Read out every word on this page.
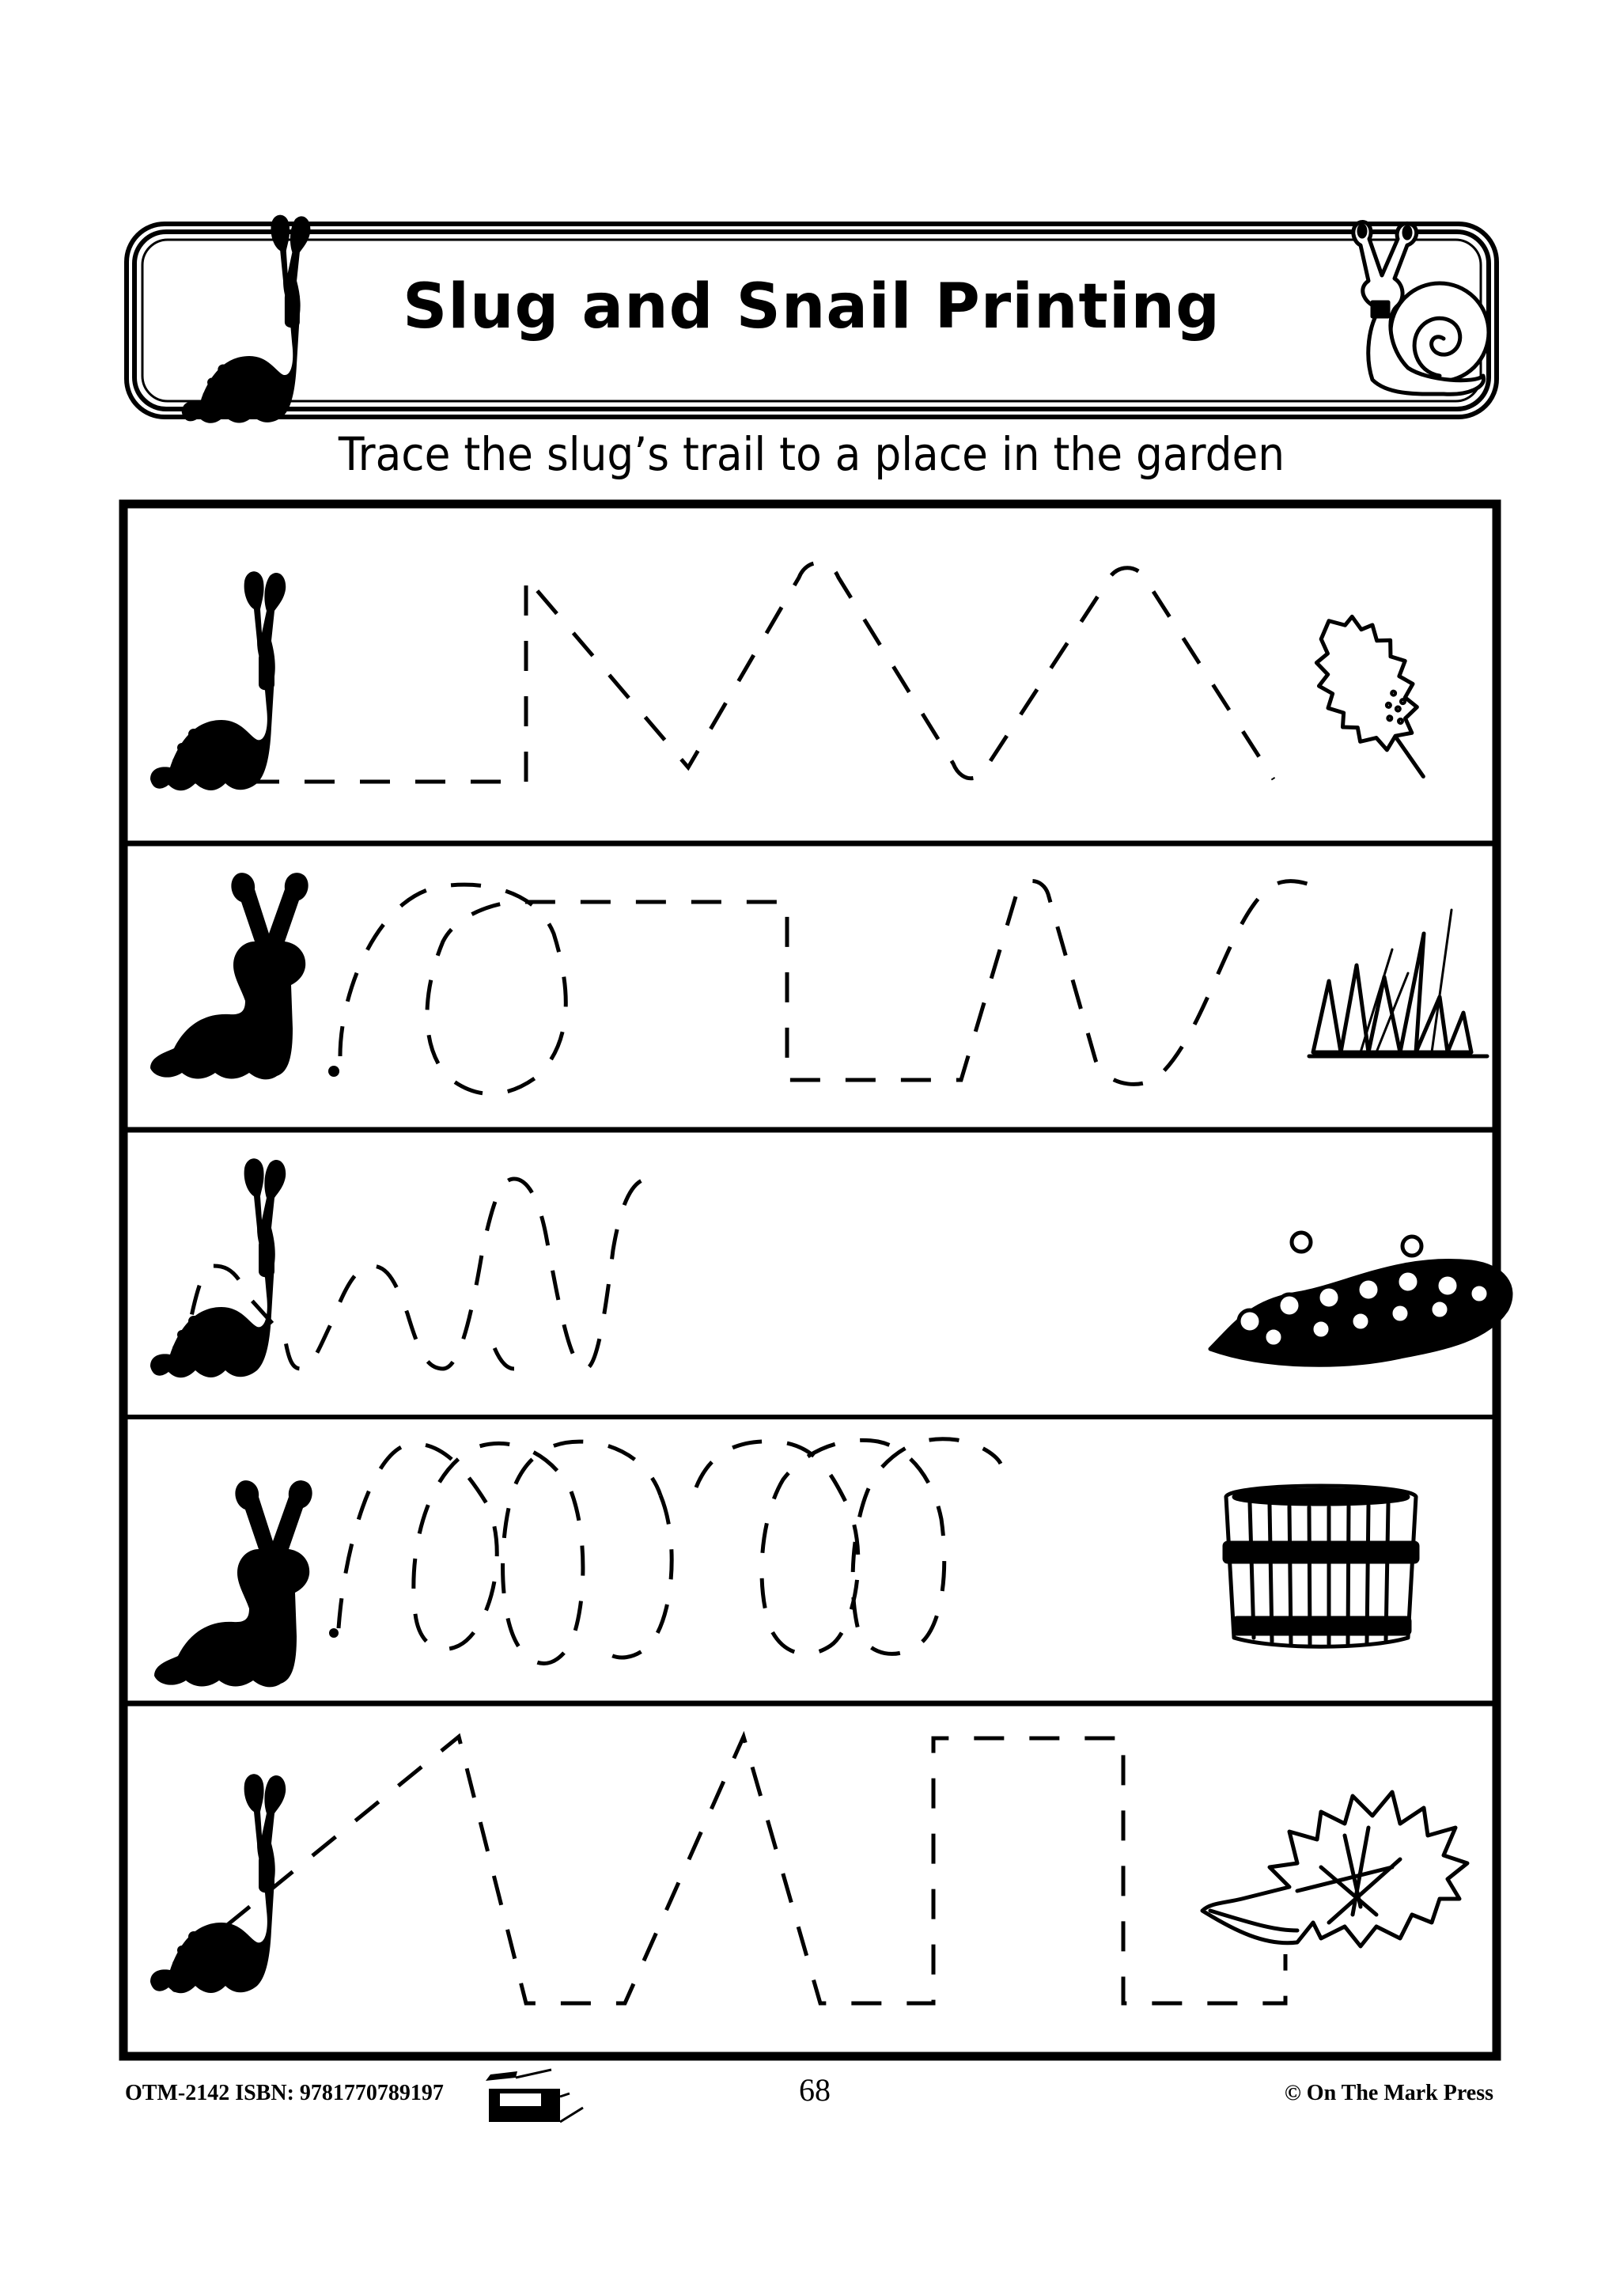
Slug and Snail Printing
Trace the slug’s trail to a place in the garden
OTM-2142 ISBN: 9781770789197	68	© On The Mark Press
